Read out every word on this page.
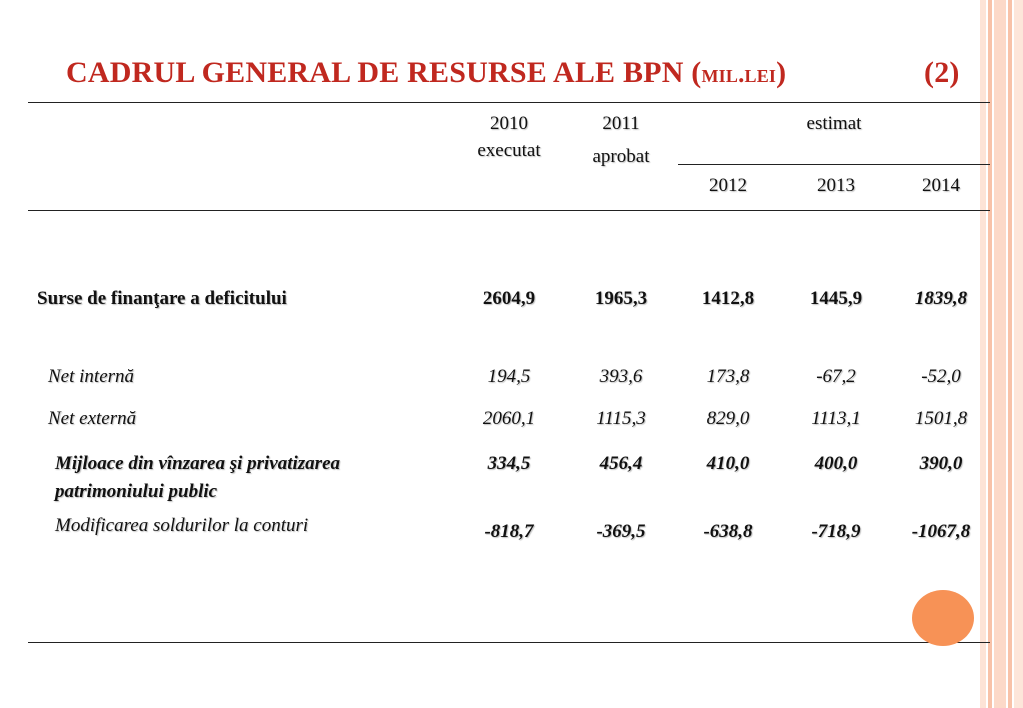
CADRUL GENERAL DE RESURSE ALE BPN (mil.lei)	(2)
2010
executat
2011
aprobat
estimat
2012	2013	2014
Surse de finanţare a deficitului	2604,9	1965,3	1412,8	1445,9	1839,8
Net internă	194,5	393,6	173,8	-67,2	-52,0
Net externă	2060,1	1115,3	829,0	1113,1	1501,8
Mijloace din vînzarea şi privatizarea
patrimoniului public
334,5	456,4	410,0	400,0	390,0
Modificarea soldurilor la conturi	-818,7	-369,5	-638,8	-718,9	-1067,8
